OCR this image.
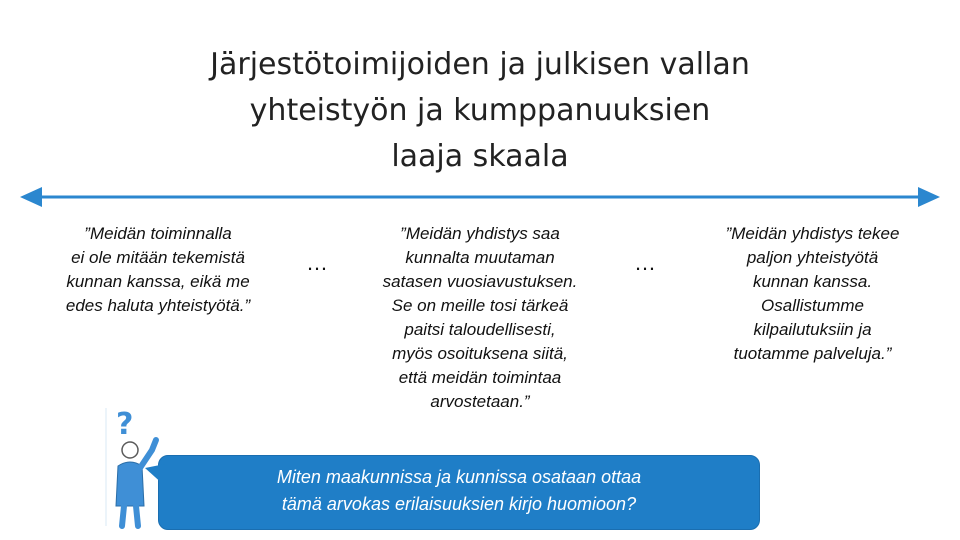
Järjestötoimijoiden ja julkisen vallan
yhteistyön ja kumppanuuksien
laaja skaala
”Meidän toiminnalla
ei ole mitään tekemistä
kunnan kanssa, eikä me
edes haluta yhteistyötä.”
…
”Meidän yhdistys saa
kunnalta muutaman
satasen vuosiavustuksen.
Se on meille tosi tärkeä
paitsi taloudellisesti,
myös osoituksena siitä,
että meidän toimintaa
arvostetaan.”
…
”Meidän yhdistys tekee
paljon yhteistyötä
kunnan kanssa.
Osallistumme
kilpailutuksiin ja
tuotamme palveluja.”
?
Miten maakunnissa ja kunnissa osataan ottaa
tämä arvokas erilaisuuksien kirjo huomioon?
